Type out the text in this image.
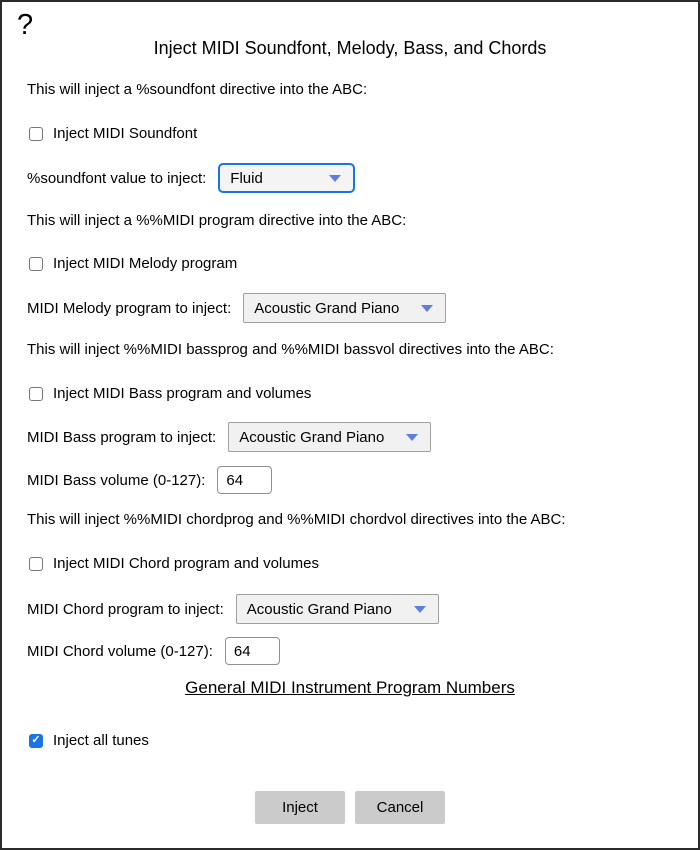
?
Inject MIDI Soundfont, Melody, Bass, and Chords
This will inject a %soundfont directive into the ABC:
Inject MIDI Soundfont
%soundfont value to inject: Fluid
This will inject a %%MIDI program directive into the ABC:
Inject MIDI Melody program
MIDI Melody program to inject: Acoustic Grand Piano
This will inject %%MIDI bassprog and %%MIDI bassvol directives into the ABC:
Inject MIDI Bass program and volumes
MIDI Bass program to inject: Acoustic Grand Piano
MIDI Bass volume (0-127):
64
This will inject %%MIDI chordprog and %%MIDI chordvol directives into the ABC:
Inject MIDI Chord program and volumes
MIDI Chord program to inject: Acoustic Grand Piano
MIDI Chord volume (0-127):
64
General MIDI Instrument Program Numbers
✓ Inject all tunes
Inject	Cancel
